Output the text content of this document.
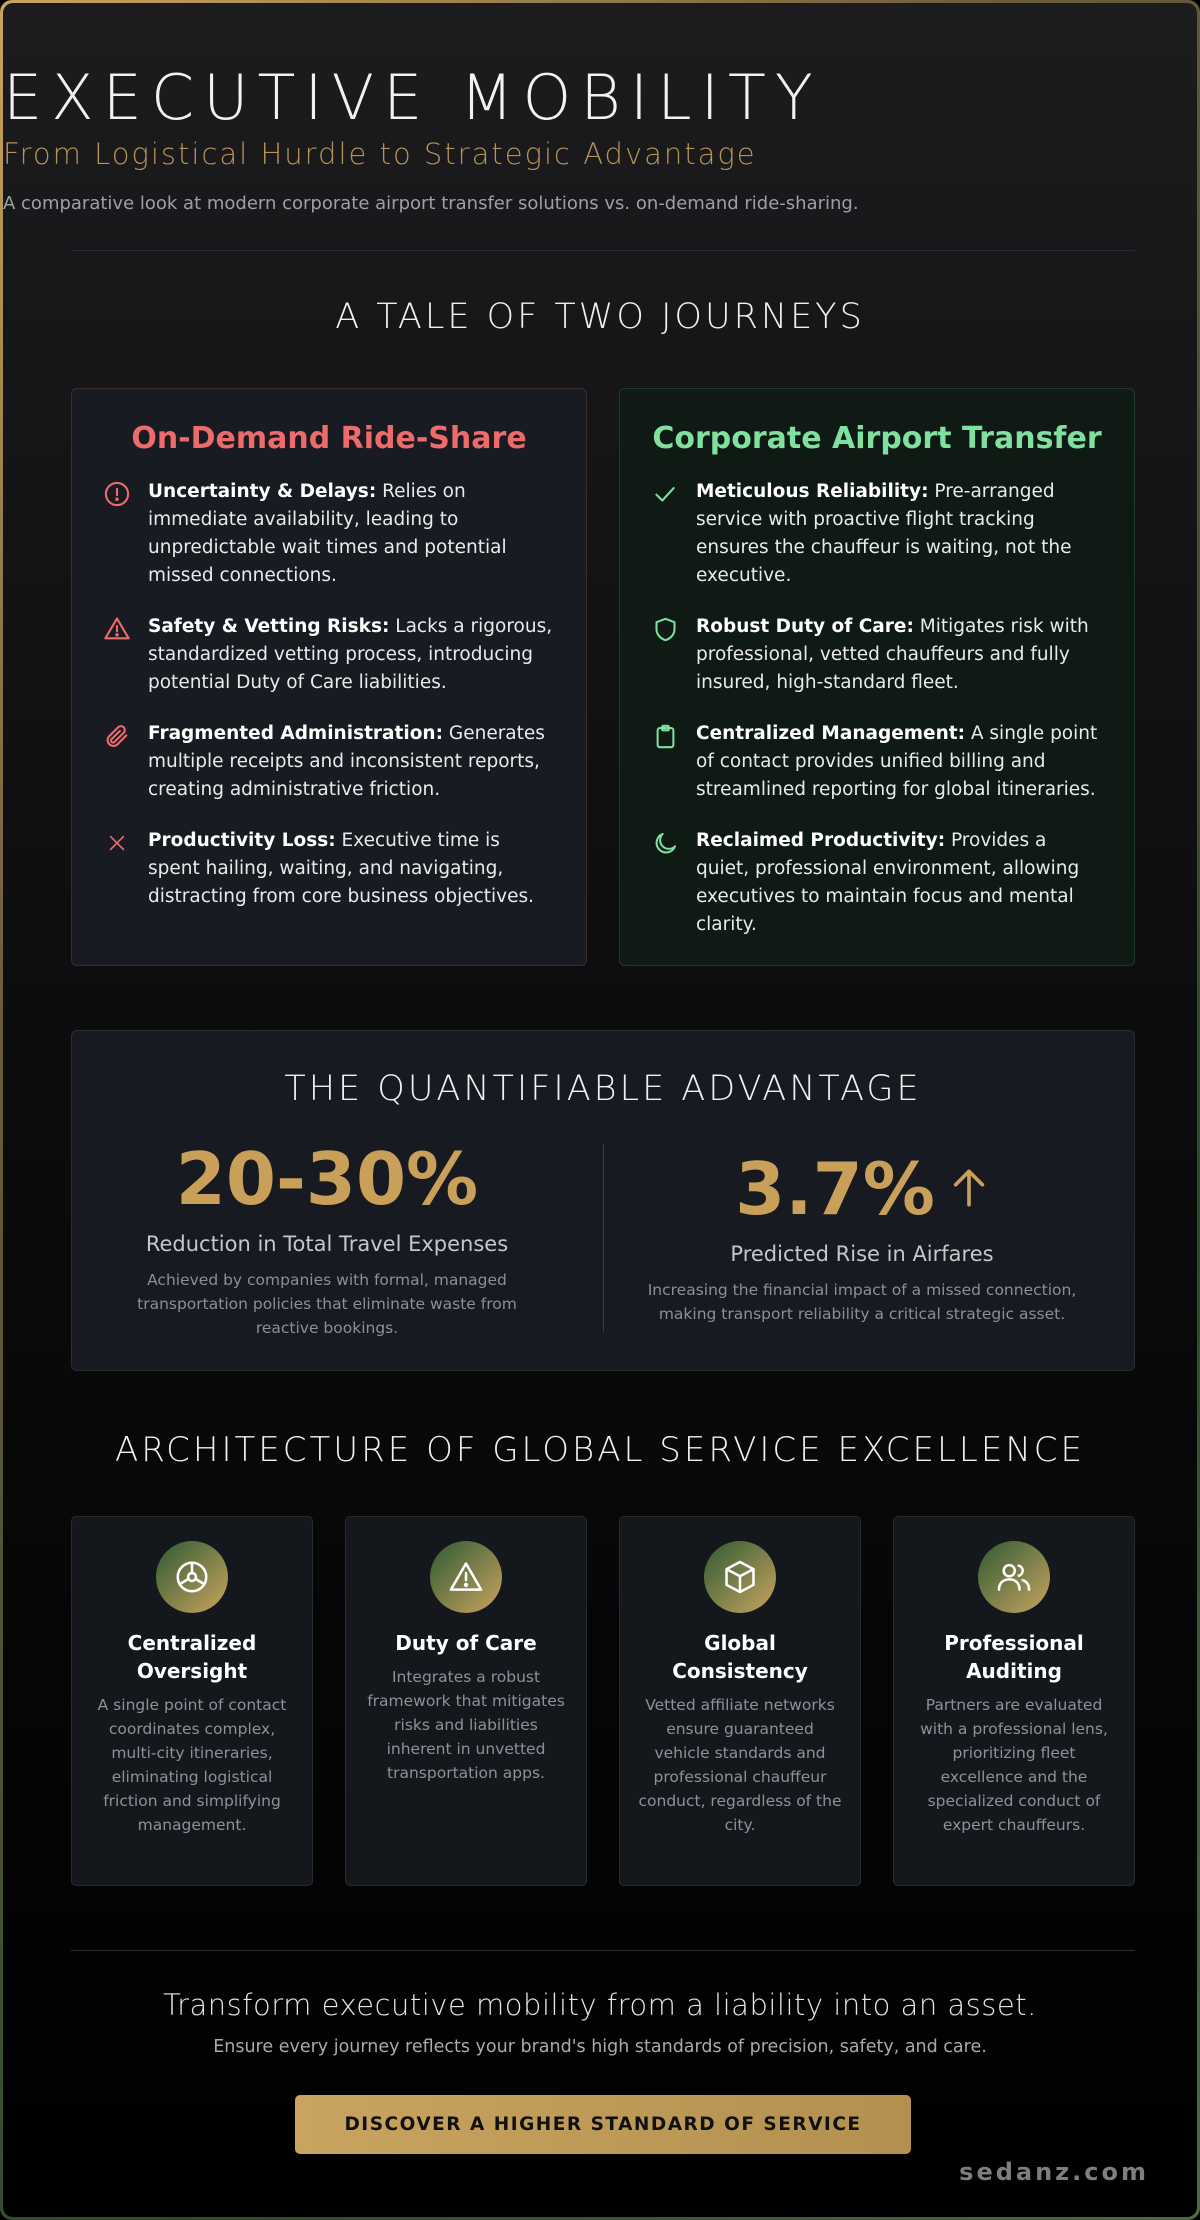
EXECUTIVE MOBILITY
From Logistical Hurdle to Strategic Advantage
A comparative look at modern corporate airport transfer solutions vs. on-demand ride-sharing.
A TALE OF TWO JOURNEYS
On-Demand Ride-Share
Uncertainty & Delays: Relies on immediate availability, leading to unpredictable wait times and potential missed connections.
Safety & Vetting Risks: Lacks a rigorous, standardized vetting process, introducing potential Duty of Care liabilities.
Fragmented Administration: Generates multiple receipts and inconsistent reports, creating administrative friction.
Productivity Loss: Executive time is spent hailing, waiting, and navigating, distracting from core business objectives.
Corporate Airport Transfer
Meticulous Reliability: Pre-arranged service with proactive flight tracking ensures the chauffeur is waiting, not the executive.
Robust Duty of Care: Mitigates risk with professional, vetted chauffeurs and fully insured, high-standard fleet.
Centralized Management: A single point of contact provides unified billing and streamlined reporting for global itineraries.
Reclaimed Productivity: Provides a quiet, professional environment, allowing executives to maintain focus and mental clarity.
THE QUANTIFIABLE ADVANTAGE
20-30%
Reduction in Total Travel Expenses
Achieved by companies with formal, managed transportation policies that eliminate waste from reactive bookings.
3.7%
Predicted Rise in Airfares
Increasing the financial impact of a missed connection, making transport reliability a critical strategic asset.
ARCHITECTURE OF GLOBAL SERVICE EXCELLENCE
Centralized Oversight
A single point of contact coordinates complex, multi-city itineraries, eliminating logistical friction and simplifying management.
Duty of Care
Integrates a robust framework that mitigates risks and liabilities inherent in unvetted transportation apps.
Global Consistency
Vetted affiliate networks ensure guaranteed vehicle standards and professional chauffeur conduct, regardless of the city.
Professional Auditing
Partners are evaluated with a professional lens, prioritizing fleet excellence and the specialized conduct of expert chauffeurs.
Transform executive mobility from a liability into an asset.
Ensure every journey reflects your brand's high standards of precision, safety, and care.
DISCOVER A HIGHER STANDARD OF SERVICE
sedanz.com
